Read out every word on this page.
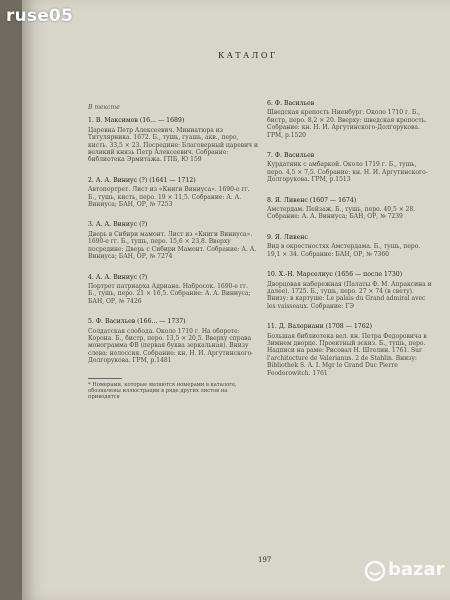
КАТАЛОГ
В тексте
1. В. Максимов (16... — 1689)
Царевна Петр Алексеевич. Миниатюра из Титулярника. 1672. Б., тушь, гуашь, акв., перо, кисть. 33,5 × 23. Посредине: Благоверный царевич и великий князь Петр Алексеевич. Собрание: библиотека Эрмитажа. ГПБ, Ю 159
2. А. А. Виниус (?) (1641 — 1712)
Автопортрет. Лист из «Книги Виниуса». 1690-е гг. Б., тушь, кисть, перо. 19 × 11,5. Собрание: А. А. Виниуса; БАН, ОР, № 7253
3. А. А. Виниус (?)
Дверь в Сибири мамонт. Лист из «Книги Виниуса». 1690-е гг. Б., тушь, перо. 15,6 × 23,8. Вверху посредине: Дверь с Сибири Мамонт. Собрание: А. А. Виниуса; БАН, ОР, № 7274
4. А. А. Виниус (?)
Портрет патриарха Адриана. Набросок. 1690-е гг. Б., тушь, перо. 21 × 16,5. Собрание: А. А. Виниуса; БАН, ОР, № 7426
5. Ф. Васильев (166... — 1737)
Солдатская слобода. Около 1710 г. На обороте: Корона. Б., бистр, перо. 13,5 × 20,5. Вверху справа монограмма ФВ (первая буква зеркальная). Внизу слева: нолоссия. Собрание: кн. Н. И. Аргутинского-Долгорукова. ГРМ, р.1481
* Номерами, которые являются номерами в каталоге, обозначены иллюстрации в ряде других листов на приводятся
6. Ф. Васильев
Шведская крепость Ниенбург. Около 1710 г. Б., бистр, перо. 8,2 × 20. Вверху: шведская крепость. Собрание: кн. Н. И. Аргутинского-Долгорукова. ГРМ, р.1520
7. Ф. Васильев
Курдатник с амбаркой. Около 1719 г. Б., тушь, перо. 4,5 × 7,5. Собрание: кн. Н. И. Аргутинского-Долгорукова. ГРМ, р.1513
8. Я. Ливенс (1607 — 1674)
Амстердам. Пейзаж. Б., тушь, перо. 40,5 × 28. Собрание: А. А. Виниуса; БАН, ОР, № 7239
9. Я. Ливенс
Вид в окрестностях Амстердама. Б., тушь, перо. 19,1 × 34. Собрание: БАН, ОР, № 7360
10. Х.-Н. Марселиус (1656 — после 1730)
Дворцовая набережная (Палаты Ф. М. Апраксина и далее). 1725. Б., тушь, перо. 27 × 74 (в свету). Внизу: в картуше: Le palais du Grand admiral avec les vaisseaux. Собрание: ГЭ
11. Д. Валериани (1708 — 1762)
Большая библиотека вел. кн. Петра Федоровича в Зимнем дворце. Проектный эскиз. Б., тушь, перо. Надписи на раме: Рисовал Н. Штелин. 1761. Sur l'architecture de Valerianus. 2 de Stahlin. Внизу: Bibliothek S. A. I. Mgr le Grand Duc Pierre Feodorowitch. 1761
197
ruse05
bazar
